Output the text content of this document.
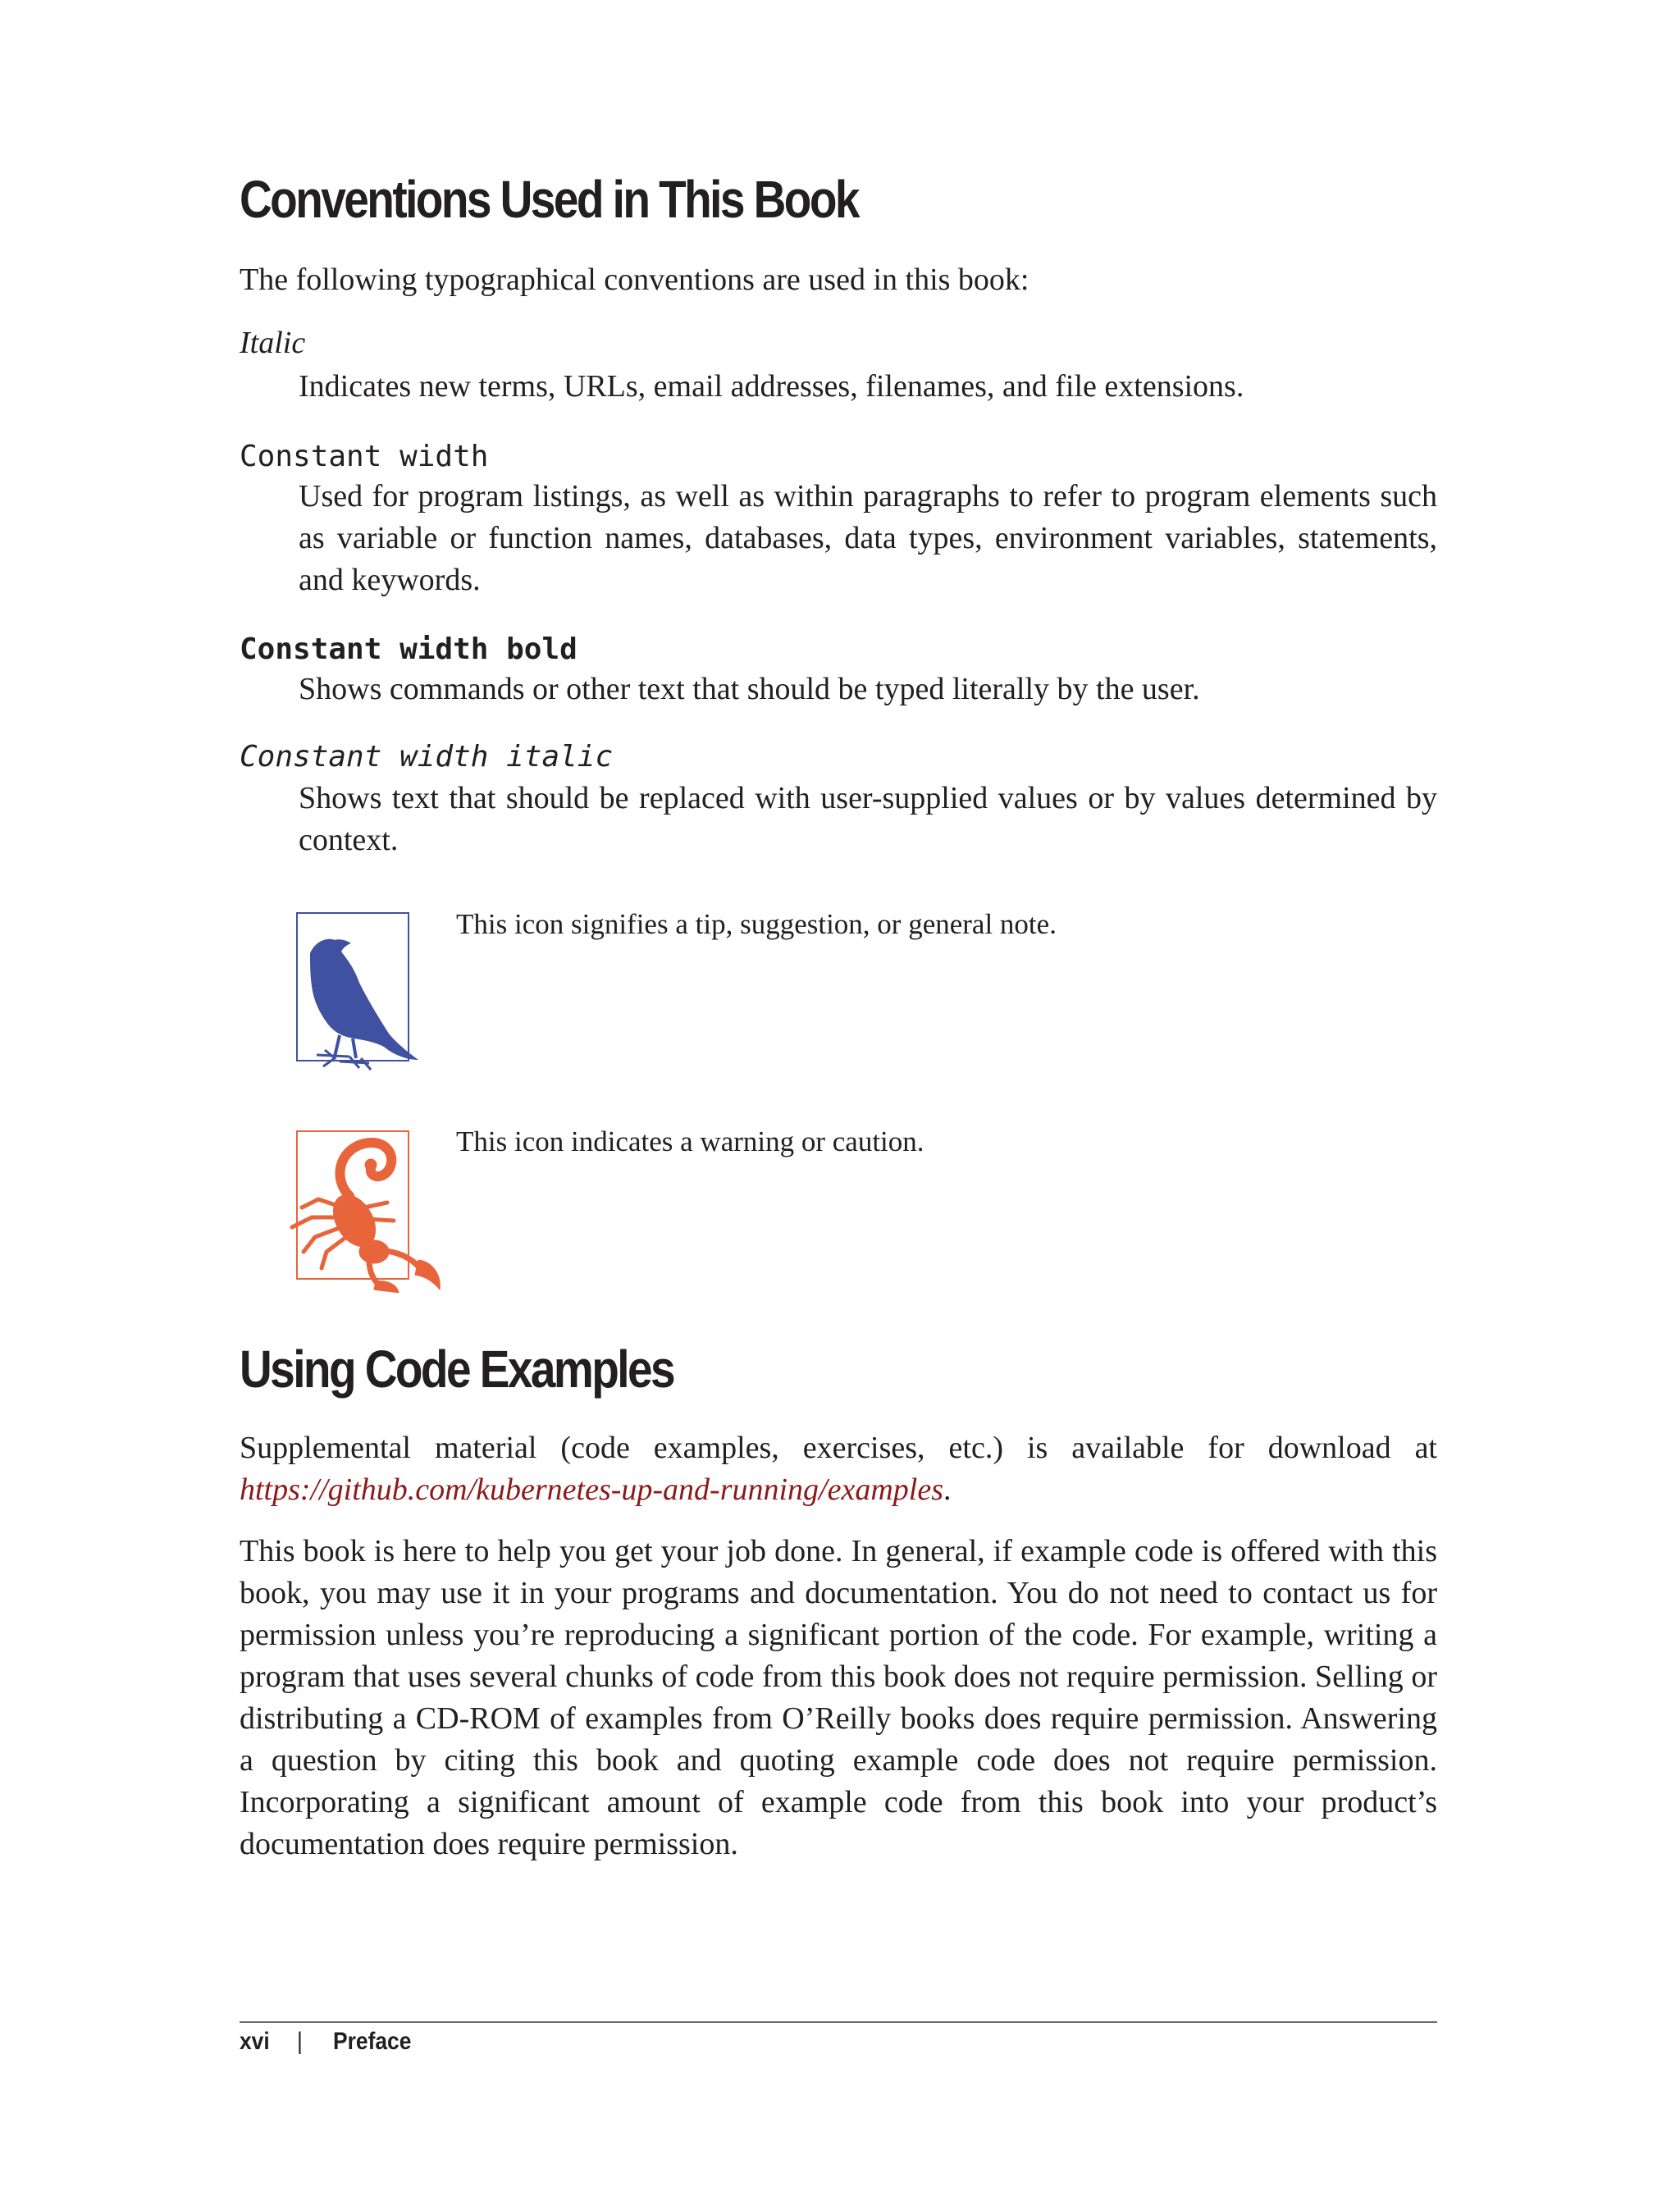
Conventions Used in This Book

The following typographical conventions are used in this book:

Italic

Indicates new terms, URLs, email addresses, filenames, and file extensions.

Constant width

Used for program listings, as well as within paragraphs to refer to program elements such as variable or function names, databases, data types, environment variables, statements, and keywords.

Constant width bold

Shows commands or other text that should be typed literally by the user.

Constant width italic

Shows text that should be replaced with user-supplied values or by values determined by context.

This icon signifies a tip, suggestion, or general note.

This icon indicates a warning or caution.

Using Code Examples

Supplemental material (code examples, exercises, etc.) is available for download at https://github.com/kubernetes-up-and-running/examples.

This book is here to help you get your job done. In general, if example code is offered with this book, you may use it in your programs and documentation. You do not need to contact us for permission unless you’re reproducing a significant portion of the code. For example, writing a program that uses several chunks of code from this book does not require permission. Selling or distributing a CD-ROM of examples from O’Reilly books does require permission. Answering a question by citing this book and quoting example code does not require permission. Incorporating a significant amount of example code from this book into your product’s documentation does require permission.

xvi | Preface
